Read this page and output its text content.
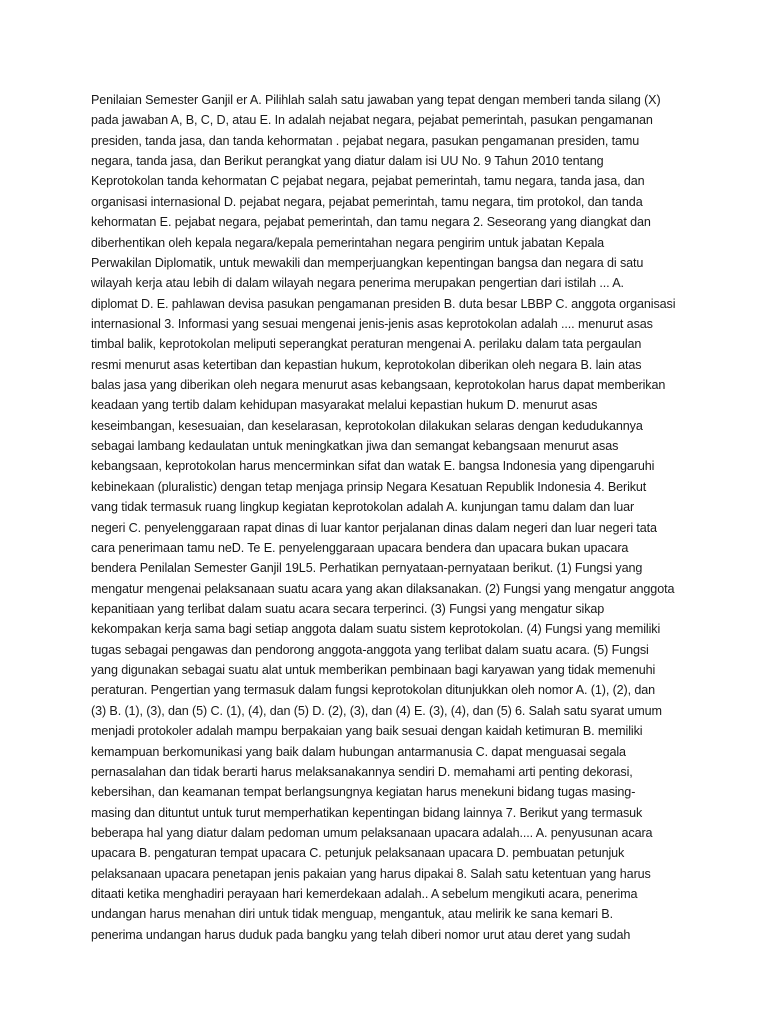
Penilaian Semester Ganjil er A. Pilihlah salah satu jawaban yang tepat dengan memberi tanda silang (X)
pada jawaban A, B, C, D, atau E. In adalah nejabat negara, pejabat pemerintah, pasukan pengamanan
presiden, tanda jasa, dan tanda kehormatan . pejabat negara, pasukan pengamanan presiden, tamu
negara, tanda jasa, dan Berikut perangkat yang diatur dalam isi UU No. 9 Tahun 2010 tentang
Keprotokolan tanda kehormatan C pejabat negara, pejabat pemerintah, tamu negara, tanda jasa, dan
organisasi internasional D. pejabat negara, pejabat pemerintah, tamu negara, tim protokol, dan tanda
kehormatan E. pejabat negara, pejabat pemerintah, dan tamu negara 2. Seseorang yang diangkat dan
diberhentikan oleh kepala negara/kepala pemerintahan negara pengirim untuk jabatan Kepala
Perwakilan Diplomatik, untuk mewakili dan memperjuangkan kepentingan bangsa dan negara di satu
wilayah kerja atau lebih di dalam wilayah negara penerima merupakan pengertian dari istilah ... A.
diplomat D. E. pahlawan devisa pasukan pengamanan presiden B. duta besar LBBP C. anggota organisasi
internasional 3. Informasi yang sesuai mengenai jenis-jenis asas keprotokolan adalah .... menurut asas
timbal balik, keprotokolan meliputi seperangkat peraturan mengenai A. perilaku dalam tata pergaulan
resmi menurut asas ketertiban dan kepastian hukum, keprotokolan diberikan oleh negara B. lain atas
balas jasa yang diberikan oleh negara menurut asas kebangsaan, keprotokolan harus dapat memberikan
keadaan yang tertib dalam kehidupan masyarakat melalui kepastian hukum D. menurut asas
keseimbangan, kesesuaian, dan keselarasan, keprotokolan dilakukan selaras dengan kedudukannya
sebagai lambang kedaulatan untuk meningkatkan jiwa dan semangat kebangsaan menurut asas
kebangsaan, keprotokolan harus mencerminkan sifat dan watak E. bangsa Indonesia yang dipengaruhi
kebinekaan (pluralistic) dengan tetap menjaga prinsip Negara Kesatuan Republik Indonesia 4. Berikut
vang tidak termasuk ruang lingkup kegiatan keprotokolan adalah A. kunjungan tamu dalam dan luar
negeri C. penyelenggaraan rapat dinas di luar kantor perjalanan dinas dalam negeri dan luar negeri tata
cara penerimaan tamu neD. Te E. penyelenggaraan upacara bendera dan upacara bukan upacara
bendera Penilalan Semester Ganjil 19L5. Perhatikan pernyataan-pernyataan berikut. (1) Fungsi yang
mengatur mengenai pelaksanaan suatu acara yang akan dilaksanakan. (2) Fungsi yang mengatur anggota
kepanitiaan yang terlibat dalam suatu acara secara terperinci. (3) Fungsi yang mengatur sikap
kekompakan kerja sama bagi setiap anggota dalam suatu sistem keprotokolan. (4) Fungsi yang memiliki
tugas sebagai pengawas dan pendorong anggota-anggota yang terlibat dalam suatu acara. (5) Fungsi
yang digunakan sebagai suatu alat untuk memberikan pembinaan bagi karyawan yang tidak memenuhi
peraturan. Pengertian yang termasuk dalam fungsi keprotokolan ditunjukkan oleh nomor A. (1), (2), dan
(3) B. (1), (3), dan (5) C. (1), (4), dan (5) D. (2), (3), dan (4) E. (3), (4), dan (5) 6. Salah satu syarat umum
menjadi protokoler adalah mampu berpakaian yang baik sesuai dengan kaidah ketimuran B. memiliki
kemampuan berkomunikasi yang baik dalam hubungan antarmanusia C. dapat menguasai segala
pernasalahan dan tidak berarti harus melaksanakannya sendiri D. memahami arti penting dekorasi,
kebersihan, dan keamanan tempat berlangsungnya kegiatan harus menekuni bidang tugas masing-
masing dan dituntut untuk turut memperhatikan kepentingan bidang lainnya 7. Berikut yang termasuk
beberapa hal yang diatur dalam pedoman umum pelaksanaan upacara adalah.... A. penyusunan acara
upacara B. pengaturan tempat upacara C. petunjuk pelaksanaan upacara D. pembuatan petunjuk
pelaksanaan upacara penetapan jenis pakaian yang harus dipakai 8. Salah satu ketentuan yang harus
ditaati ketika menghadiri perayaan hari kemerdekaan adalah.. A sebelum mengikuti acara, penerima
undangan harus menahan diri untuk tidak menguap, mengantuk, atau melirik ke sana kemari B.
penerima undangan harus duduk pada bangku yang telah diberi nomor urut atau deret yang sudah
